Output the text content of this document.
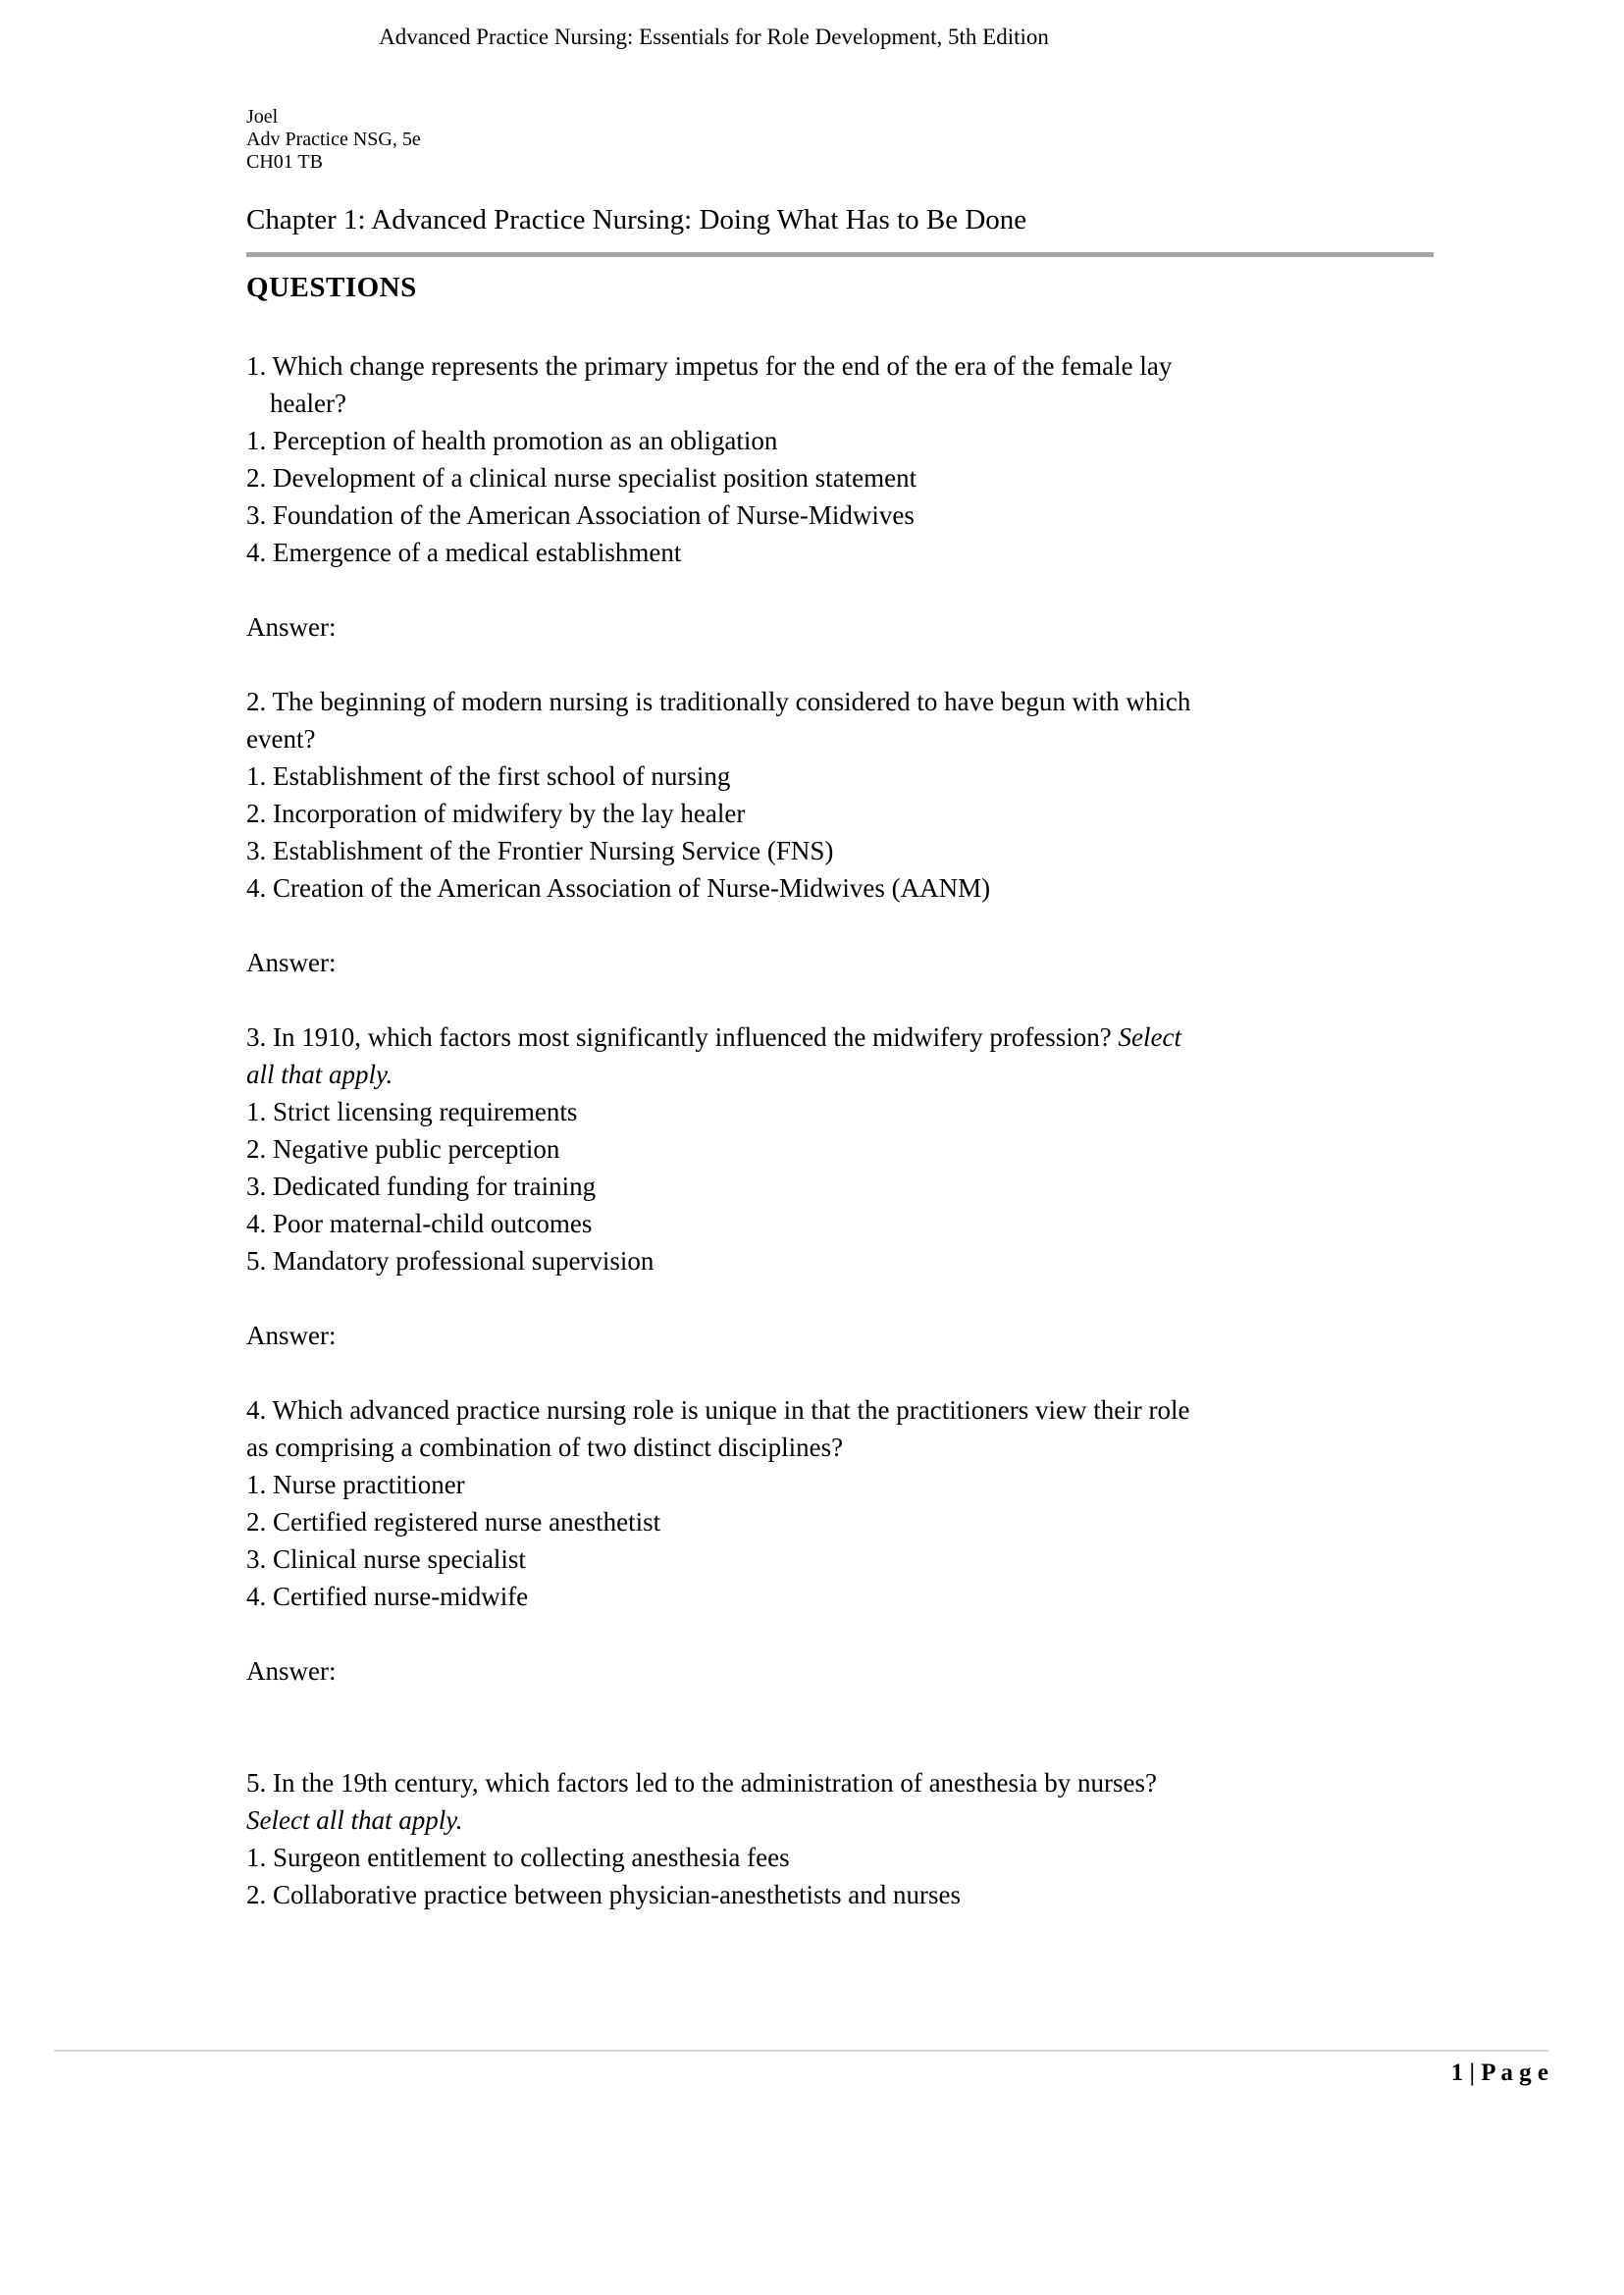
Advanced Practice Nursing: Essentials for Role Development, 5th Edition
Joel
Adv Practice NSG, 5e
CH01 TB
Chapter 1: Advanced Practice Nursing: Doing What Has to Be Done
QUESTIONS
1. Which change represents the primary impetus for the end of the era of the female lay
healer?
1. Perception of health promotion as an obligation
2. Development of a clinical nurse specialist position statement
3. Foundation of the American Association of Nurse-Midwives
4. Emergence of a medical establishment
Answer:
2. The beginning of modern nursing is traditionally considered to have begun with which
event?
1. Establishment of the first school of nursing
2. Incorporation of midwifery by the lay healer
3. Establishment of the Frontier Nursing Service (FNS)
4. Creation of the American Association of Nurse-Midwives (AANM)
Answer:
3. In 1910, which factors most significantly influenced the midwifery profession? Select
all that apply.
1. Strict licensing requirements
2. Negative public perception
3. Dedicated funding for training
4. Poor maternal-child outcomes
5. Mandatory professional supervision
Answer:
4. Which advanced practice nursing role is unique in that the practitioners view their role
as comprising a combination of two distinct disciplines?
1. Nurse practitioner
2. Certified registered nurse anesthetist
3. Clinical nurse specialist
4. Certified nurse-midwife
Answer:
5. In the 19th century, which factors led to the administration of anesthesia by nurses?
Select all that apply.
1. Surgeon entitlement to collecting anesthesia fees
2. Collaborative practice between physician-anesthetists and nurses
1 | P a g e
